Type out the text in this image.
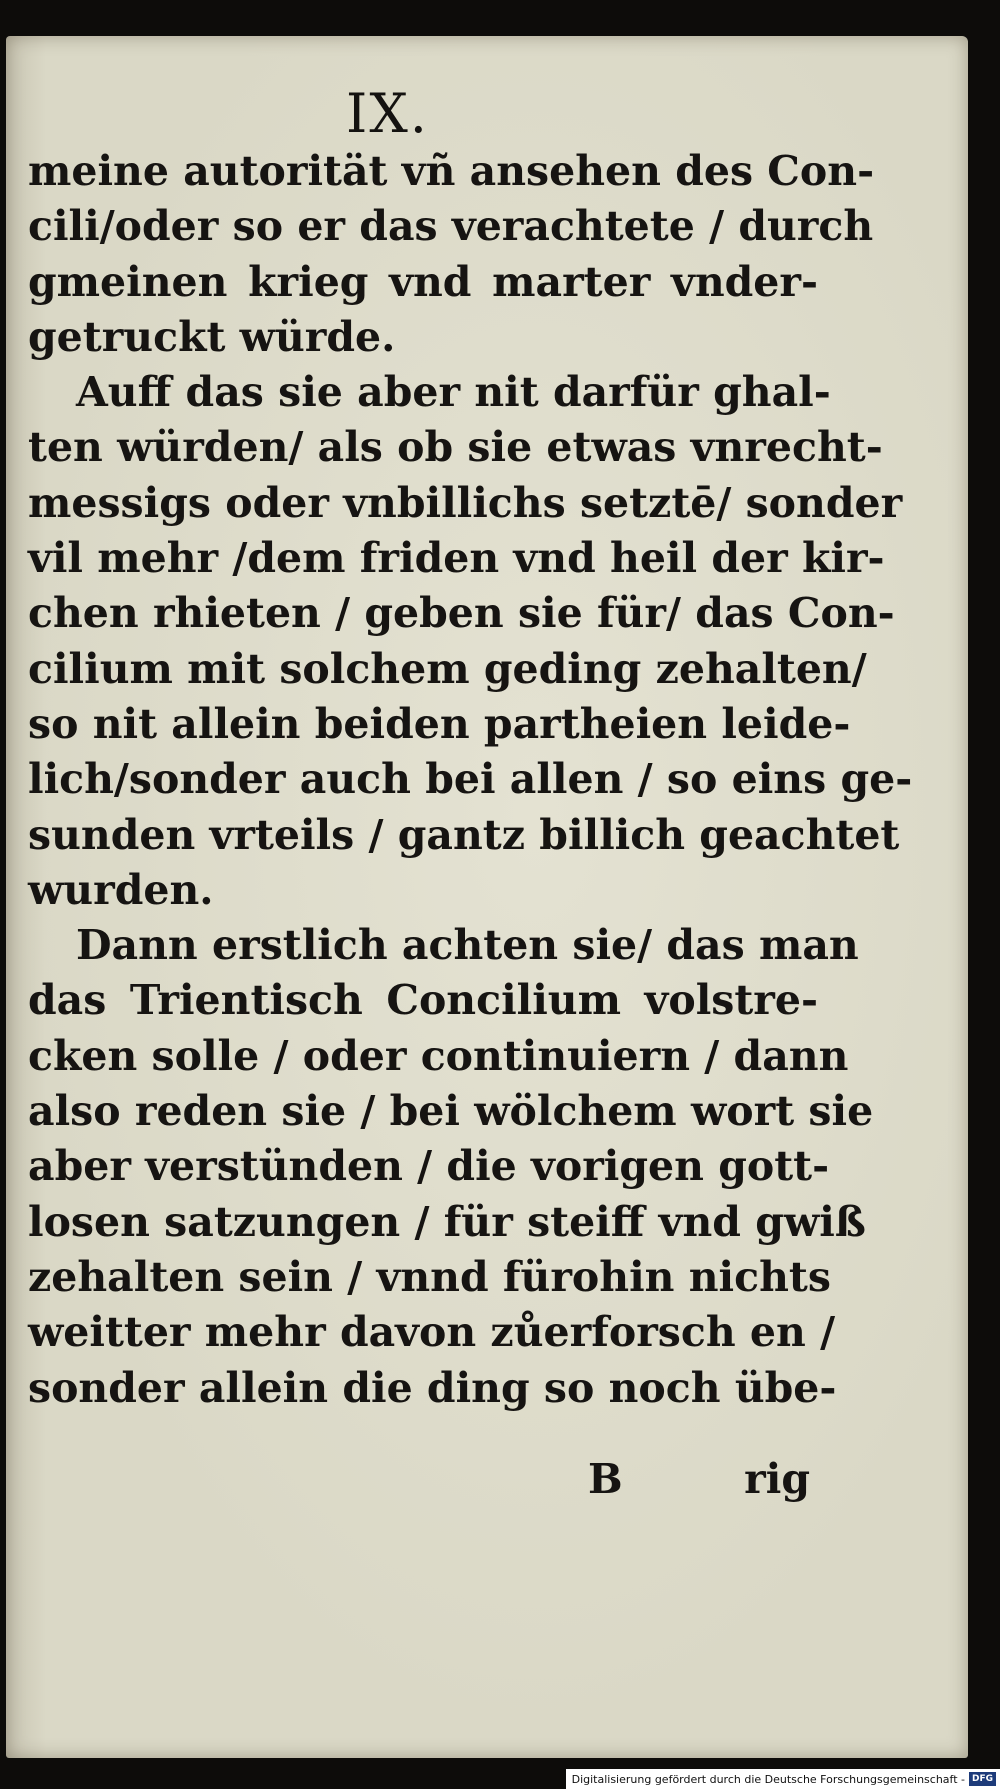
IX.
meine autorität vñ ansehen des Con-
cili/oder so er das verachtete / durch
gmeinen krieg vnd marter vnder-
getruckt würde.
Auff das sie aber nit darfür ghal-
ten würden/ als ob sie etwas vnrecht-
messigs oder vnbillichs setztē/ sonder
vil mehr /dem friden vnd heil der kir-
chen rhieten / geben sie für/ das Con-
cilium mit solchem geding zehalten/
so nit allein beiden partheien leide-
lich/sonder auch bei allen / so eins ge-
sunden vrteils / gantz billich geachtet
wurden.
Dann erstlich achten sie/ das man
das Trientisch Concilium volstre-
cken solle / oder continuiern / dann
also reden sie / bei wölchem wort sie
aber verstünden / die vorigen gott-
losen satzungen / für steiff vnd gwiß
zehalten sein / vnnd fürohin nichts
weitter mehr davon zůerforsch en /
sonder allein die ding so noch übe-
B	rig
Digitalisierung gefördert durch die Deutsche Forschungsgemeinschaft - DFG
